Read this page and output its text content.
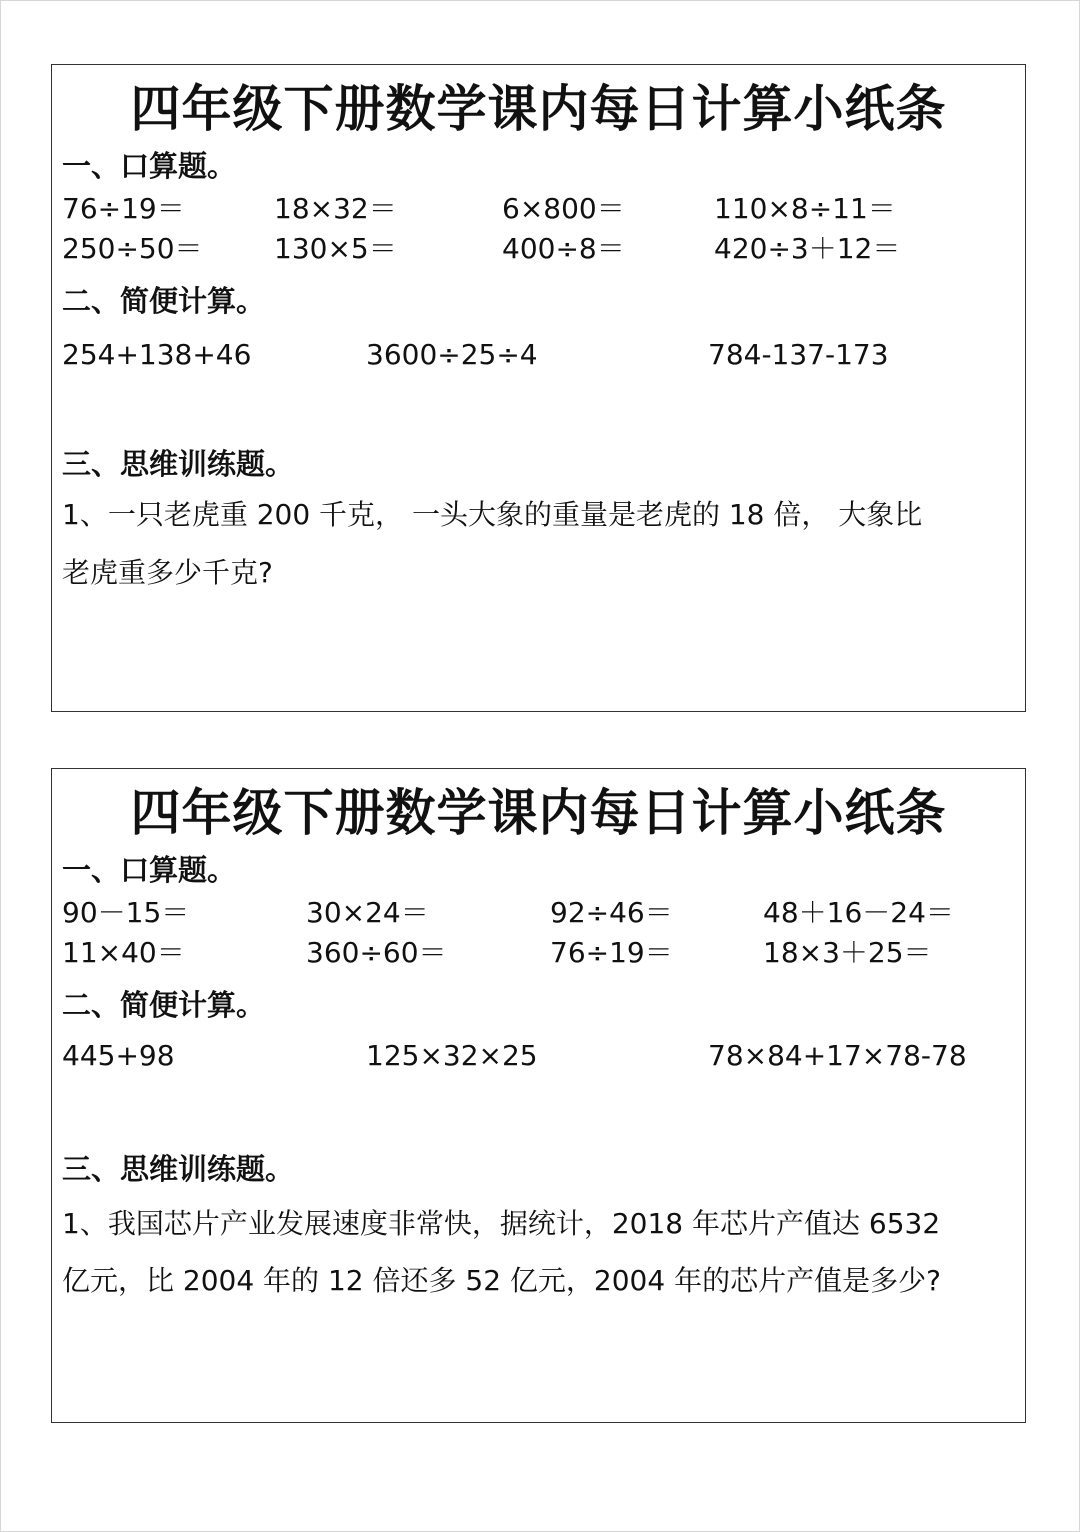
四年级下册数学课内每日计算小纸条
一、口算题。
76÷19＝	18×32＝	6×800＝	110×8÷11＝
250÷50＝	130×5＝	400÷8＝	420÷3＋12＝
二、简便计算。
254+138+46	3600÷25÷4	784-137-173
三、思维训练题。
1、一只老虎重 200 千克， 一头大象的重量是老虎的 18 倍， 大象比
老虎重多少千克?
四年级下册数学课内每日计算小纸条
一、口算题。
90－15＝	30×24＝	92÷46＝	48＋16－24＝
11×40＝	360÷60＝	76÷19＝	18×3＋25＝
二、简便计算。
445+98	125×32×25	78×84+17×78-78
三、思维训练题。
1、我国芯片产业发展速度非常快，据统计，2018 年芯片产值达 6532
亿元，比 2004 年的 12 倍还多 52 亿元，2004 年的芯片产值是多少?
